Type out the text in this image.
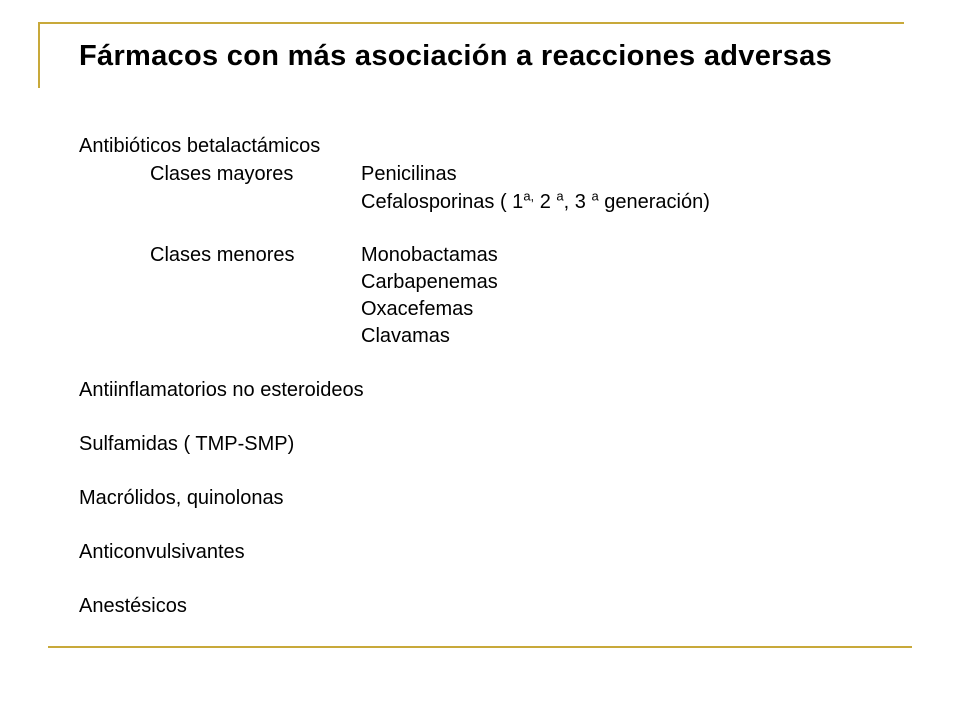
Fármacos con más asociación a reacciones adversas
Antibióticos betalactámicos
Clases mayores	Penicilinas
Cefalosporinas ( $1^{a,}$ 2 $^a$, 3 $^a$ generación)
Clases menores	Monobactamas
Carbapenemas
Oxacefemas
Clavamas
Antiinflamatorios no esteroideos
Sulfamidas ( TMP-SMP)
Macrólidos, quinolonas
Anticonvulsivantes
Anestésicos
